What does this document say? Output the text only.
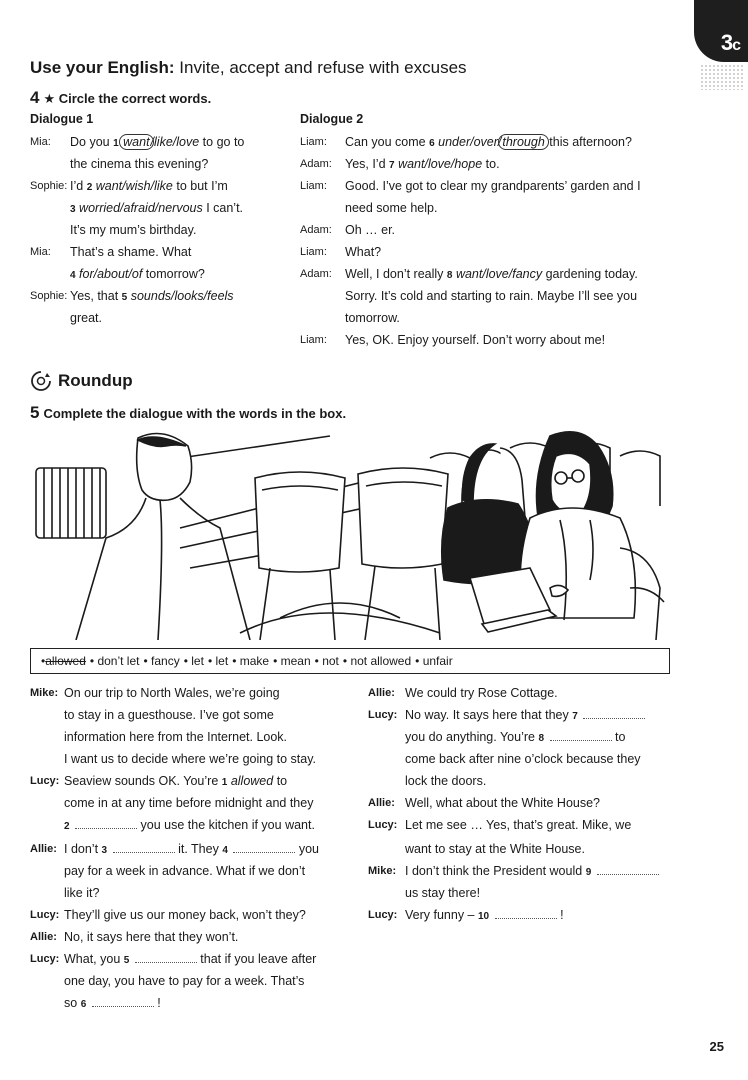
3c
Use your English: Invite, accept and refuse with excuses
4 ★ Circle the correct words.
Dialogue 1
Mia: Do you 1 want/like/love to go to
the cinema this evening?
Sophie: I’d 2 want/wish/like to but I’m
3 worried/afraid/nervous I can’t.
It’s my mum’s birthday.
Mia: That’s a shame. What
4 for/about/of tomorrow?
Sophie: Yes, that 5 sounds/looks/feels
great.
Dialogue 2
Liam: Can you come 6 under/over/through this afternoon?
Adam: Yes, I’d 7 want/love/hope to.
Liam: Good. I’ve got to clear my grandparents’ garden and I
need some help.
Adam: Oh … er.
Liam: What?
Adam: Well, I don’t really 8 want/love/fancy gardening today.
Sorry. It’s cold and starting to rain. Maybe I’ll see you
tomorrow.
Liam: Yes, OK. Enjoy yourself. Don’t worry about me!
Roundup
5 Complete the dialogue with the words in the box.
• allowed •
don’t let •
fancy •
let •
let •
make •
mean •
not •
not allowed •
unfair
Mike: On our trip to North Wales, we’re going
to stay in a guesthouse. I’ve got some
information here from the Internet. Look.
I want us to decide where we’re going to stay.
Lucy: Seaview sounds OK. You’re 1 allowed to
come in at any time before midnight and they
2	you use the kitchen if you want.
Allie: I don’t 3	it. They 4	you
pay for a week in advance. What if we don’t
like it?
Lucy: They’ll give us our money back, won’t they?
Allie: No, it says here that they won’t.
Lucy: What, you 5	that if you leave after
one day, you have to pay for a week. That’s
so 6	!
Allie: We could try Rose Cottage.
Lucy: No way. It says here that they 7
you do anything. You’re 8	to
come back after nine o’clock because they
lock the doors.
Allie: Well, what about the White House?
Lucy: Let me see … Yes, that’s great. Mike, we
want to stay at the White House.
Mike: I don’t think the President would 9
us stay there!
Lucy: Very funny – 10	!
25
